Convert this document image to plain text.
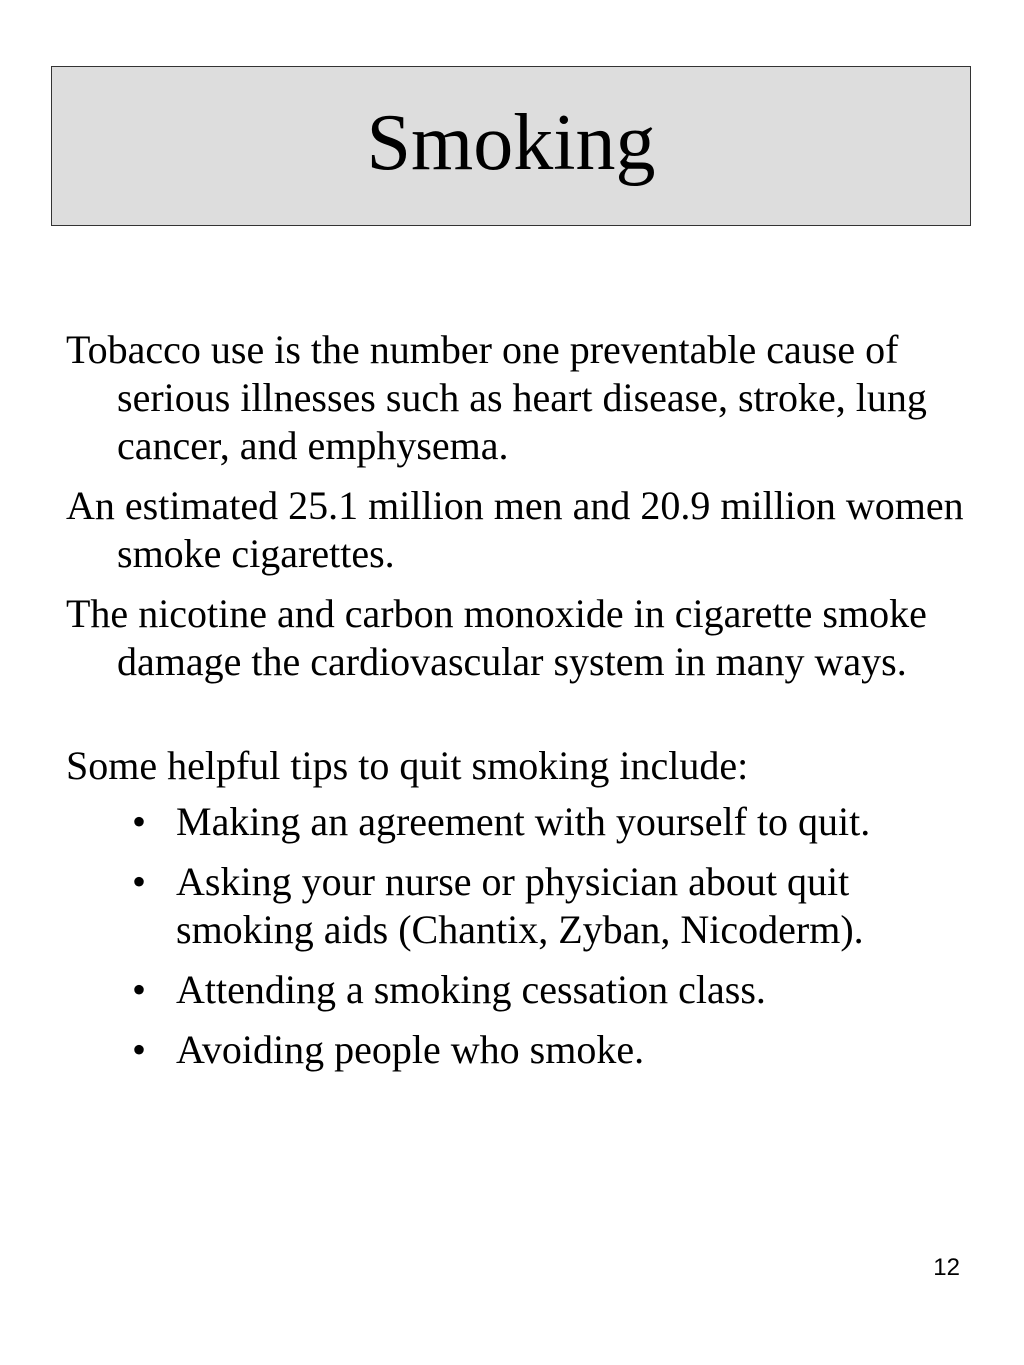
Smoking

Tobacco use is the number one preventable cause of serious illnesses such as heart disease, stroke, lung cancer, and emphysema.

An estimated 25.1 million men and 20.9 million women smoke cigarettes.

The nicotine and carbon monoxide in cigarette smoke damage the cardiovascular system in many ways.

Some helpful tips to quit smoking include:

• Making an agreement with yourself to quit.
• Asking your nurse or physician about quit smoking aids (Chantix, Zyban, Nicoderm).
• Attending a smoking cessation class.
• Avoiding people who smoke.
12
